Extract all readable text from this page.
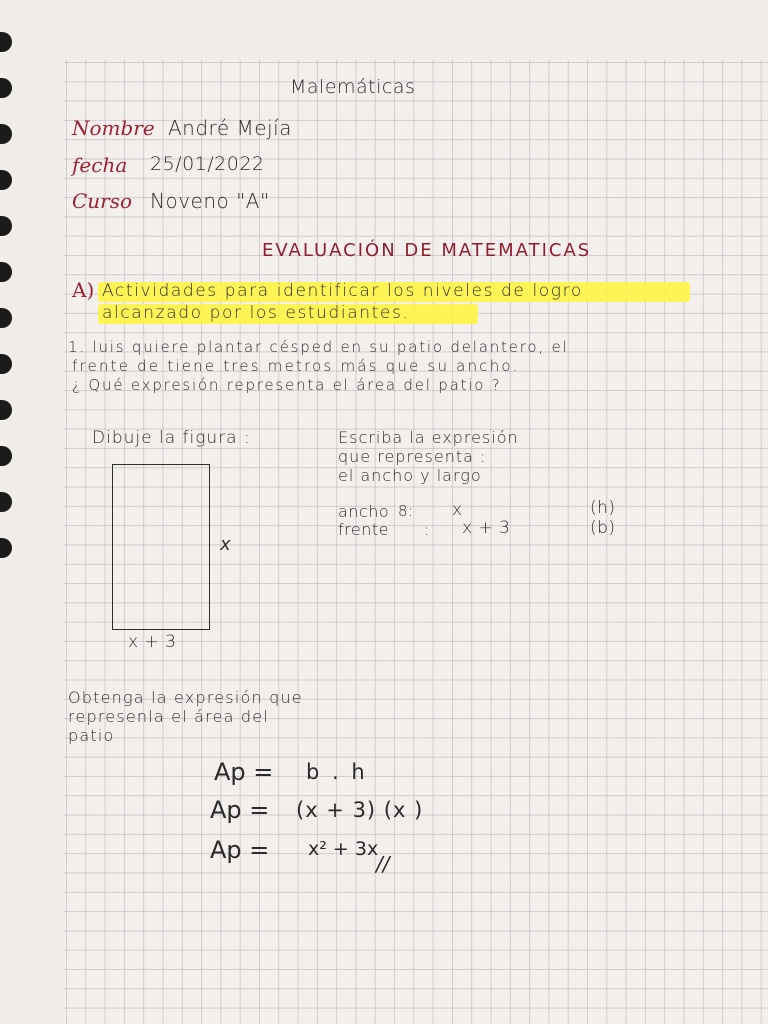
Malemáticas
Nombre André Mejía
fecha 25/01/2022
Curso Noveno "A"
EVALUACIÓN DE MATEMATICAS
A) Actividades para identificar los niveles de logro
alcanzado por los estudiantes.
1. luis quiere plantar césped en su patio delantero, el
frente de tiene tres metros más que su ancho.
¿ Qué expresión representa el área del patio ?
Dibuje la figura :
x
x + 3
Escriba la expresión
que representa :
el ancho y largo
ancho 8: x	(h)
frente : x + 3	(b)
Obtenga la expresión que
represenla el área del
patio
Ap = b . h
Ap = (x + 3) (x )
Ap = x² + 3x
//
